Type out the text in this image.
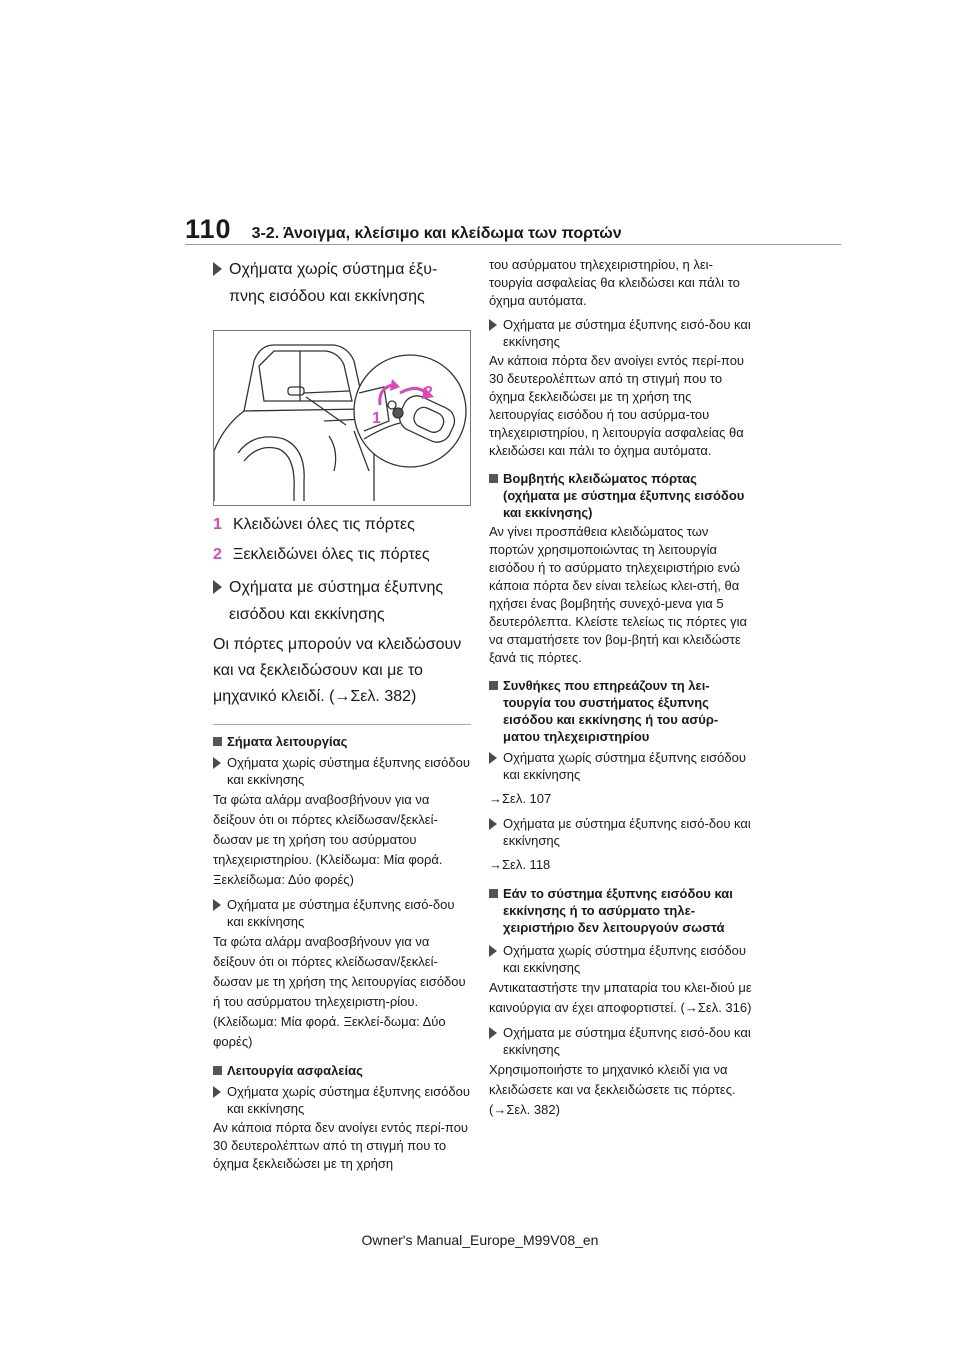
110 3-2. Άνοιγμα, κλείσιμο και κλείδωμα των πορτών
Οχήματα χωρίς σύστημα έξυ-πνης εισόδου και εκκίνησης
1
2
1 Κλειδώνει όλες τις πόρτες
2 Ξεκλειδώνει όλες τις πόρτες
Οχήματα με σύστημα έξυπνης εισόδου και εκκίνησης

Οι πόρτες μπορούν να κλειδώσουν και να ξεκλειδώσουν και με το μηχανικό κλειδί. (→Σελ. 382)

Σήματα λειτουργίας
Οχήματα χωρίς σύστημα έξυπνης εισόδου και εκκίνησης

Τα φώτα αλάρμ αναβοσβήνουν για να δείξουν ότι οι πόρτες κλείδωσαν/ξεκλεί-δωσαν με τη χρήση του ασύρματου τηλεχειριστηρίου. (Κλείδωμα: Μία φορά. Ξεκλείδωμα: Δύο φορές)

Οχήματα με σύστημα έξυπνης εισό-δου και εκκίνησης

Τα φώτα αλάρμ αναβοσβήνουν για να δείξουν ότι οι πόρτες κλείδωσαν/ξεκλεί-δωσαν με τη χρήση της λειτουργίας εισόδου ή του ασύρματου τηλεχειριστη-ρίου. (Κλείδωμα: Μία φορά. Ξεκλεί-δωμα: Δύο φορές)

Λειτουργία ασφαλείας
Οχήματα χωρίς σύστημα έξυπνης εισόδου και εκκίνησης

Αν κάποια πόρτα δεν ανοίγει εντός περί-που 30 δευτερολέπτων από τη στιγμή που το όχημα ξεκλειδώσει με τη χρήση

του ασύρματου τηλεχειριστηρίου, η λει-τουργία ασφαλείας θα κλειδώσει και πάλι το όχημα αυτόματα.

Οχήματα με σύστημα έξυπνης εισό-δου και εκκίνησης

Αν κάποια πόρτα δεν ανοίγει εντός περί-που 30 δευτερολέπτων από τη στιγμή που το όχημα ξεκλειδώσει με τη χρήση της λειτουργίας εισόδου ή του ασύρμα-του τηλεχειριστηρίου, η λειτουργία ασφαλείας θα κλειδώσει και πάλι το όχημα αυτόματα.

Βομβητής κλειδώματος πόρτας (οχήματα με σύστημα έξυπνης εισόδου και εκκίνησης)

Αν γίνει προσπάθεια κλειδώματος των πορτών χρησιμοποιώντας τη λειτουργία εισόδου ή το ασύρματο τηλεχειριστήριο ενώ κάποια πόρτα δεν είναι τελείως κλει-στή, θα ηχήσει ένας βομβητής συνεχό-μενα για 5 δευτερόλεπτα. Κλείστε τελείως τις πόρτες για να σταματήσετε τον βομ-βητή και κλειδώστε ξανά τις πόρτες.

Συνθήκες που επηρεάζουν τη λει-τουργία του συστήματος έξυπνης εισόδου και εκκίνησης ή του ασύρ-ματου τηλεχειριστηρίου
Οχήματα χωρίς σύστημα έξυπνης εισόδου και εκκίνησης

→Σελ. 107

Οχήματα με σύστημα έξυπνης εισό-δου και εκκίνησης

→Σελ. 118

Εάν το σύστημα έξυπνης εισόδου και εκκίνησης ή το ασύρματο τηλε-χειριστήριο δεν λειτουργούν σωστά
Οχήματα χωρίς σύστημα έξυπνης εισόδου και εκκίνησης

Αντικαταστήστε την μπαταρία του κλει-διού με καινούργια αν έχει αποφορτιστεί. (→Σελ. 316)

Οχήματα με σύστημα έξυπνης εισό-δου και εκκίνησης

Χρησιμοποιήστε το μηχανικό κλειδί για να κλειδώσετε και να ξεκλειδώσετε τις πόρτες. (→Σελ. 382)

Owner's Manual_Europe_M99V08_en
